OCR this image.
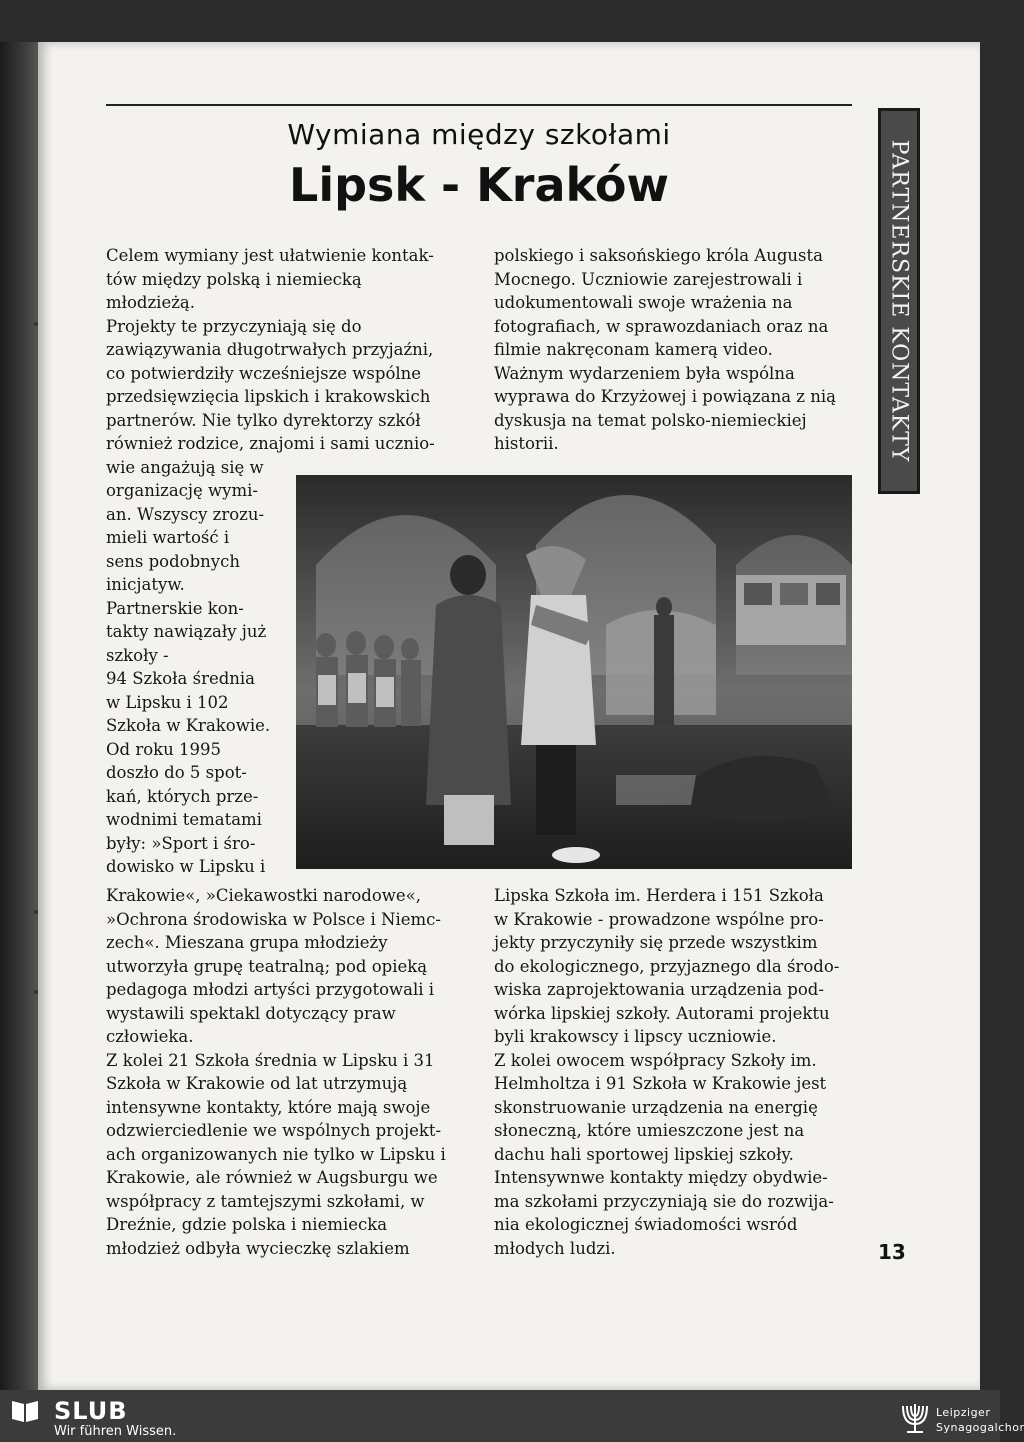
Wymiana między szkołami
Lipsk - Kraków	PARTNERSKIE KONTAKTY

Celem wymiany jest ułatwienie kontak-

tów między polską i niemiecką

młodzieżą.

Projekty te przyczyniają się do

zawiązywania długotrwałych przyjaźni,

co potwierdziły wcześniejsze wspólne

przedsięwzięcia lipskich i krakowskich

partnerów. Nie tylko dyrektorzy szkół

również rodzice, znajomi i sami ucznio-

wie angażują się w

organizację wymi-

an. Wszyscy zrozu-

mieli wartość i

sens podobnych

inicjatyw.

Partnerskie kon-

takty nawiązały już

szkoły -

94 Szkoła średnia

w Lipsku i 102

Szkoła w Krakowie.

Od roku 1995

doszło do 5 spot-

kań, których prze-

wodnimi tematami

były: »Sport i śro-

dowisko w Lipsku i

Krakowie«, »Ciekawostki narodowe«,

»Ochrona środowiska w Polsce i Niemc-

zech«. Mieszana grupa młodzieży

utworzyła grupę teatralną; pod opieką

pedagoga młodzi artyści przygotowali i

wystawili spektakl dotyczący praw

człowieka.

Z kolei 21 Szkoła średnia w Lipsku i 31

Szkoła w Krakowie od lat utrzymują

intensywne kontakty, które mają swoje

odzwierciedlenie we wspólnych projekt-

ach organizowanych nie tylko w Lipsku i

Krakowie, ale również w Augsburgu we

współpracy z tamtejszymi szkołami, w

Dreźnie, gdzie polska i niemiecka

młodzież odbyła wycieczkę szlakiem

polskiego i saksońskiego króla Augusta

Mocnego. Uczniowie zarejestrowali i

udokumentowali swoje wrażenia na

fotografiach, w sprawozdaniach oraz na

filmie nakręconam kamerą video.

Ważnym wydarzeniem była wspólna

wyprawa do Krzyżowej i powiązana z nią

dyskusja na temat polsko-niemieckiej

historii.

Lipska Szkoła im. Herdera i 151 Szkoła

w Krakowie - prowadzone wspólne pro-

jekty przyczyniły się przede wszystkim

do ekologicznego, przyjaznego dla środo-

wiska zaprojektowania urządzenia pod-

wórka lipskiej szkoły. Autorami projektu

byli krakowscy i lipscy uczniowie.

Z kolei owocem współpracy Szkoły im.

Helmholtza i 91 Szkoła w Krakowie jest

skonstruowanie urządzenia na energię

słoneczną, które umieszczone jest na

dachu hali sportowej lipskiej szkoły.

Intensywnwe kontakty między obydwie-

ma szkołami przyczyniają sie do rozwija-

nia ekologicznej świadomości wsród

młodych ludzi.	13
SLUB
Wir führen Wissen.
Leipziger
Synagogalchor
